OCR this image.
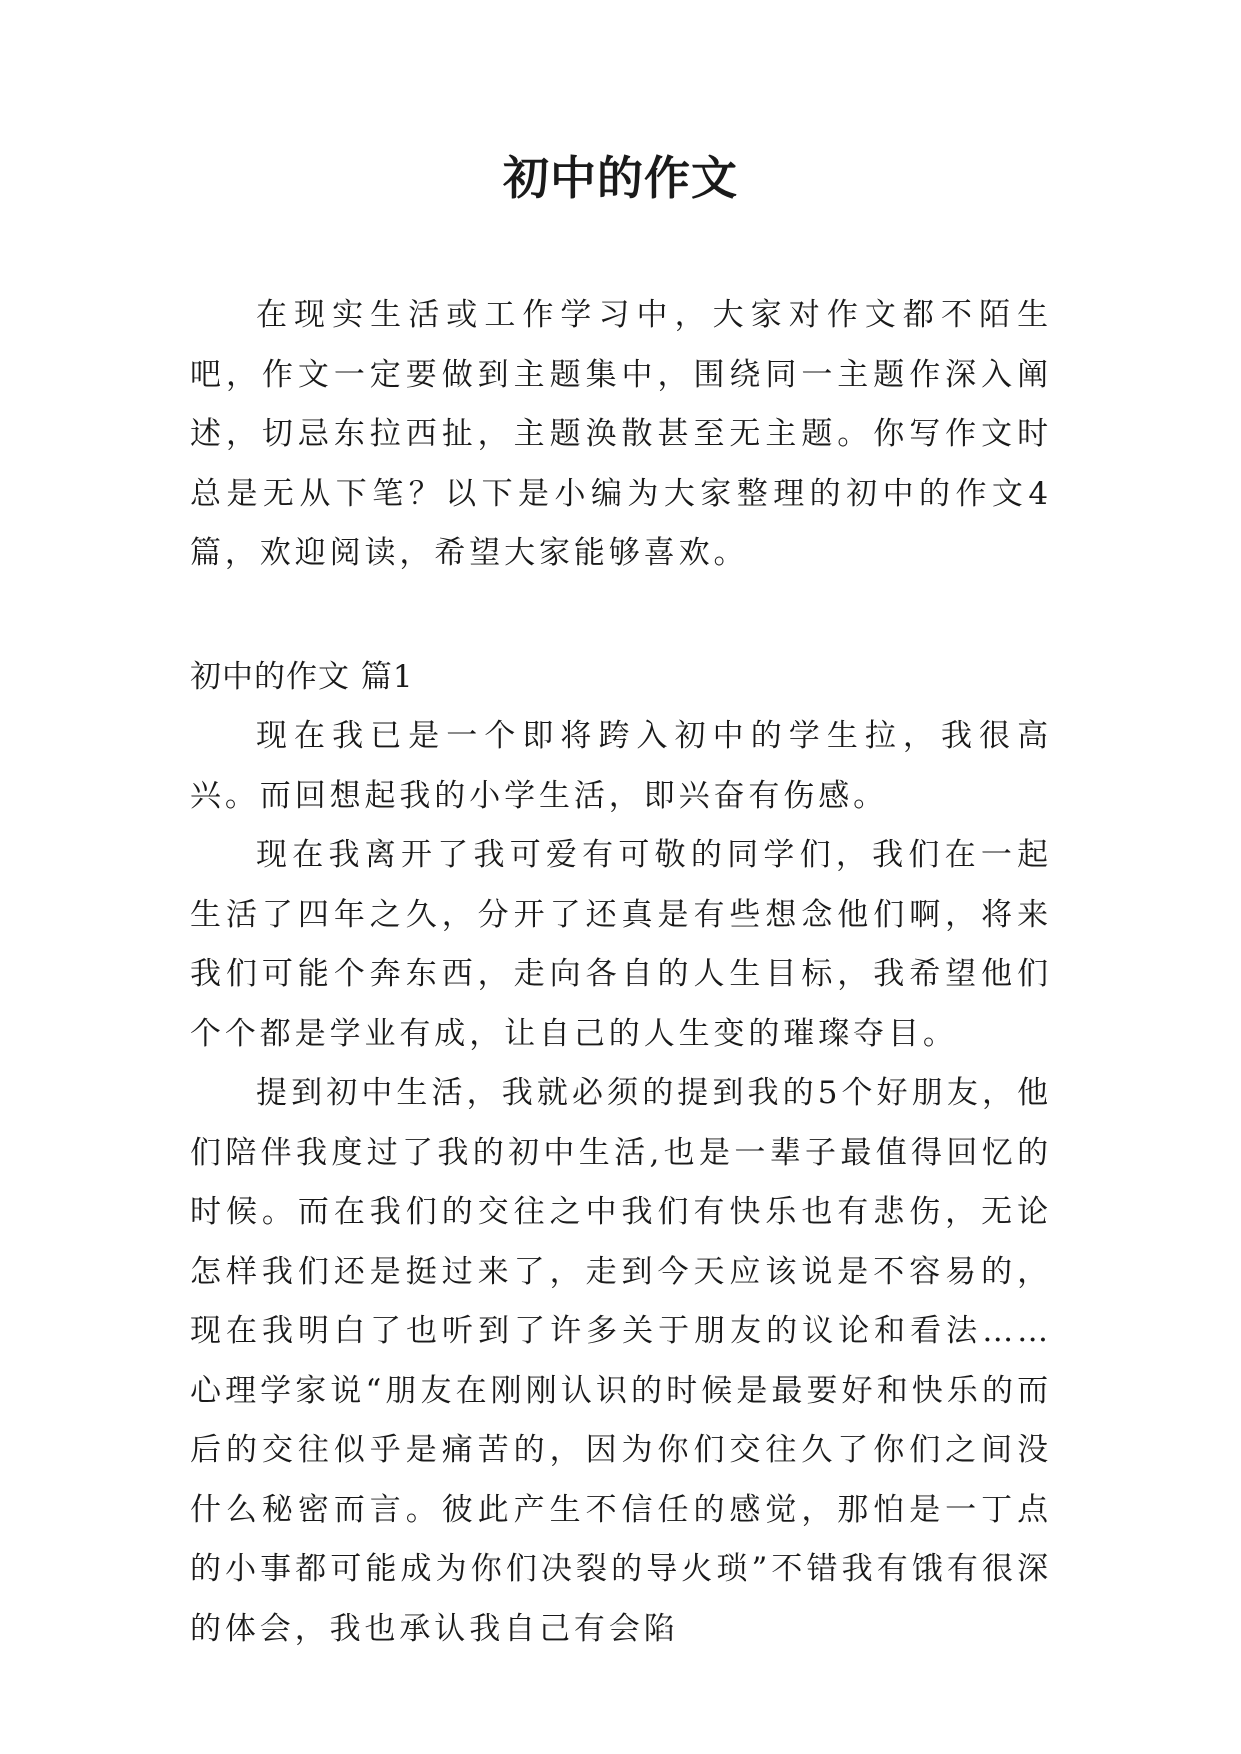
初中的作文

在现实生活或工作学习中，大家对作文都不陌生吧，作文一定要做到主题集中，围绕同一主题作深入阐述，切忌东拉西扯，主题涣散甚至无主题。你写作文时总是无从下笔？以下是小编为大家整理的初中的作文4篇，欢迎阅读，希望大家能够喜欢。

初中的作文 篇1

现在我已是一个即将跨入初中的学生拉，我很高兴。而回想起我的小学生活，即兴奋有伤感。

现在我离开了我可爱有可敬的同学们，我们在一起生活了四年之久，分开了还真是有些想念他们啊，将来我们可能个奔东西，走向各自的人生目标，我希望他们个个都是学业有成，让自己的人生变的璀璨夺目。

提到初中生活，我就必须的提到我的5个好朋友，他们陪伴我度过了我的初中生活,也是一辈子最值得回忆的时候。而在我们的交往之中我们有快乐也有悲伤，无论怎样我们还是挺过来了，走到今天应该说是不容易的，现在我明白了也听到了许多关于朋友的议论和看法……心理学家说“朋友在刚刚认识的时候是最要好和快乐的而后的交往似乎是痛苦的，因为你们交往久了你们之间没什么秘密而言。彼此产生不信任的感觉，那怕是一丁点的小事都可能成为你们决裂的导火琐”不错我有饿有很深的体会，我也承认我自己有会陷
